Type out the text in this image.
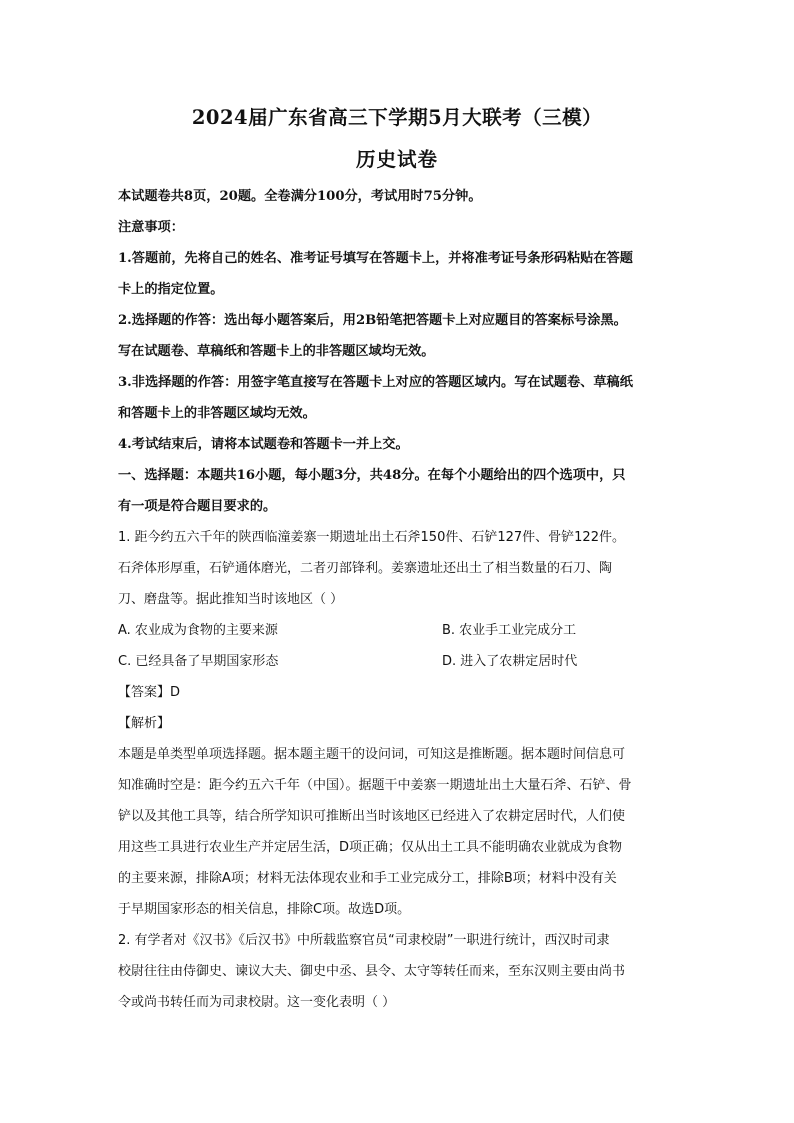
2024届广东省高三下学期5月大联考（三模）
历史试卷
本试题卷共8页，20题。全卷满分100分，考试用时75分钟。
注意事项：
1.答题前，先将自己的姓名、准考证号填写在答题卡上，并将准考证号条形码粘贴在答题
卡上的指定位置。
2.选择题的作答：选出每小题答案后，用2B铅笔把答题卡上对应题目的答案标号涂黑。
写在试题卷、草稿纸和答题卡上的非答题区域均无效。
3.非选择题的作答：用签字笔直接写在答题卡上对应的答题区域内。写在试题卷、草稿纸
和答题卡上的非答题区域均无效。
4.考试结束后，请将本试题卷和答题卡一并上交。
一、选择题：本题共16小题，每小题3分，共48分。在每个小题给出的四个选项中，只
有一项是符合题目要求的。
1. 距今约五六千年的陕西临潼姜寨一期遗址出土石斧150件、石铲127件、骨铲122件。
石斧体形厚重，石铲通体磨光，二者刃部锋利。姜寨遗址还出土了相当数量的石刀、陶
刀、磨盘等。据此推知当时该地区（ ）
A. 农业成为食物的主要来源	B. 农业手工业完成分工
C. 已经具备了早期国家形态	D. 进入了农耕定居时代
【答案】D
【解析】
本题是单类型单项选择题。据本题主题干的设问词，可知这是推断题。据本题时间信息可
知准确时空是：距今约五六千年（中国）。据题干中姜寨一期遗址出土大量石斧、石铲、骨
铲以及其他工具等，结合所学知识可推断出当时该地区已经进入了农耕定居时代，人们使
用这些工具进行农业生产并定居生活，D项正确；仅从出土工具不能明确农业就成为食物
的主要来源，排除A项；材料无法体现农业和手工业完成分工，排除B项；材料中没有关
于早期国家形态的相关信息，排除C项。故选D项。
2. 有学者对《汉书》《后汉书》中所载监察官员“司隶校尉”一职进行统计，西汉时司隶
校尉往往由侍御史、谏议大夫、御史中丞、县令、太守等转任而来，至东汉则主要由尚书
令或尚书转任而为司隶校尉。这一变化表明（ ）
